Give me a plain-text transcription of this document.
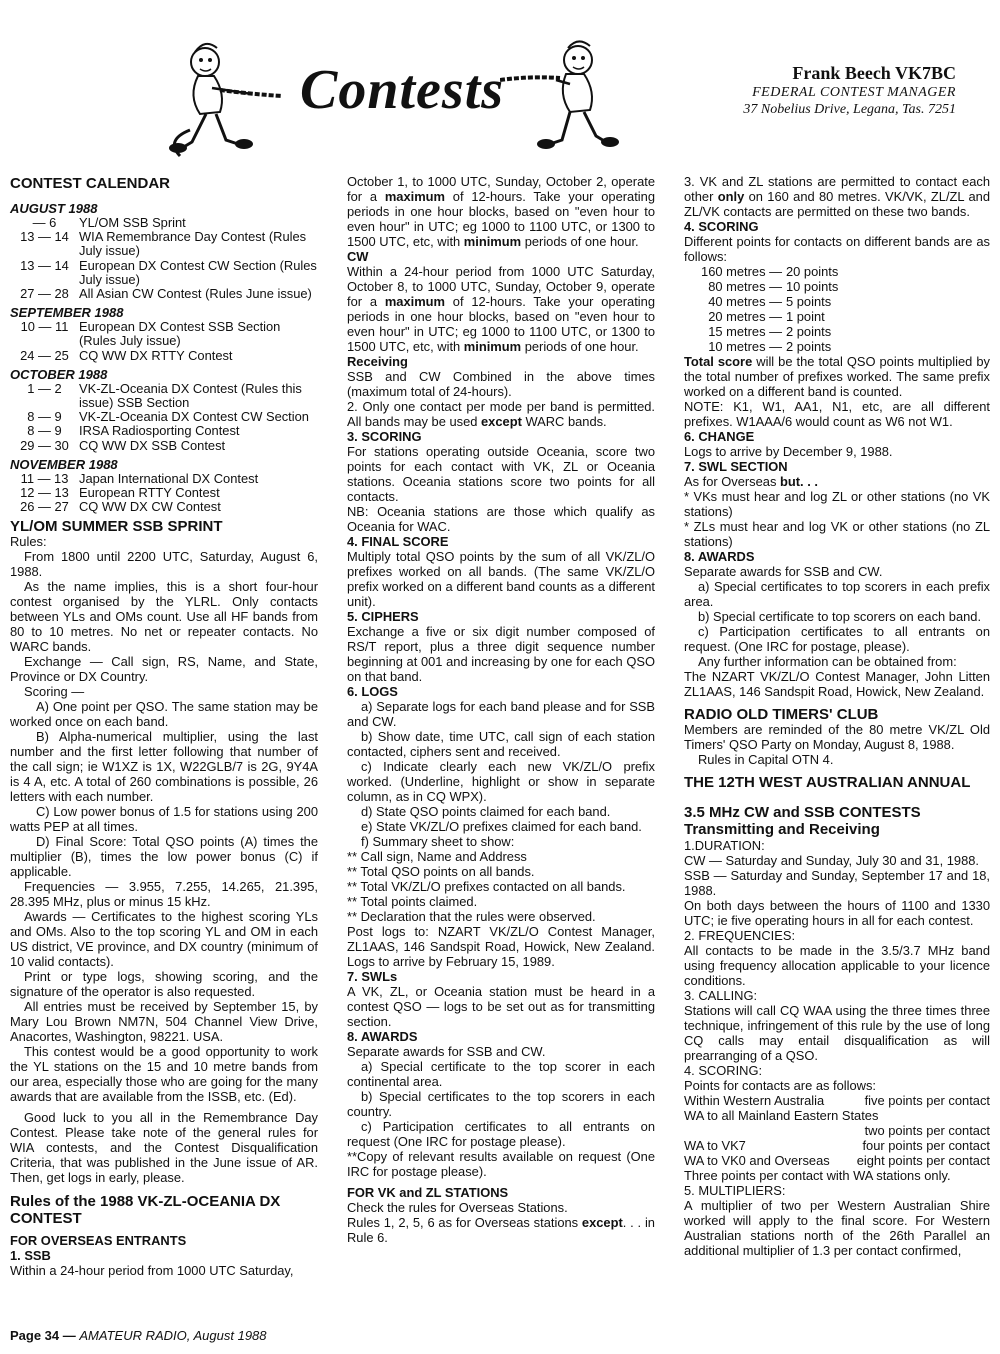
Contests	Frank Beech VK7BC
FEDERAL CONTEST MANAGER
37 Nobelius Drive, Legana, Tas. 7251
CONTEST CALENDAR
AUGUST 1988
— 6	YL/OM SSB Sprint
13 — 14 WIA Remembrance Day Contest (Rules July issue)
13 — 14 European DX Contest CW Section (Rules July issue)
27 — 28 All Asian CW Contest (Rules June issue)
SEPTEMBER 1988
10 — 11 European DX Contest SSB Section (Rules July issue)
24 — 25 CQ WW DX RTTY Contest
OCTOBER 1988
1 — 2	VK-ZL-Oceania DX Contest (Rules this issue) SSB Section
8 — 9	VK-ZL-Oceania DX Contest CW Section
8 — 9	IRSA Radiosporting Contest
29 — 30 CQ WW DX SSB Contest
NOVEMBER 1988
11 — 13 Japan International DX Contest
12 — 13 European RTTY Contest
26 — 27 CQ WW DX CW Contest
YL/OM SUMMER SSB SPRINT

Rules:

From 1800 until 2200 UTC, Saturday, August 6, 1988.

As the name implies, this is a short four-hour contest organised by the YLRL. Only contacts between YLs and OMs count. Use all HF bands from 80 to 10 metres. No net or repeater contacts. No WARC bands.

Exchange — Call sign, RS, Name, and State, Province or DX Country.

Scoring —

A) One point per QSO. The same station may be worked once on each band.

B) Alpha-numerical multiplier, using the last number and the first letter following that number of the call sign; ie W1XZ is 1X, W22GLB/7 is 2G, 9Y4A is 4 A, etc. A total of 260 combinations is possible, 26 letters with each number.

C) Low power bonus of 1.5 for stations using 200 watts PEP at all times.

D) Final Score: Total QSO points (A) times the multiplier (B), times the low power bonus (C) if applicable.

Frequencies — 3.955, 7.255, 14.265, 21.395, 28.395 MHz, plus or minus 15 kHz.

Awards — Certificates to the highest scoring YLs and OMs. Also to the top scoring YL and OM in each US district, VE province, and DX country (minimum of 10 valid contacts).

Print or type logs, showing scoring, and the signature of the operator is also requested.

All entries must be received by September 15, by Mary Lou Brown NM7N, 504 Channel View Drive, Anacortes, Washington, 98221. USA.

This contest would be a good opportunity to work the YL stations on the 15 and 10 metre bands from our area, especially those who are going for the many awards that are available from the ISSB, etc. (Ed).

Good luck to you all in the Remembrance Day Contest. Please take note of the general rules for WIA contests, and the Contest Disqualification Criteria, that was published in the June issue of AR. Then, get logs in early, please.

Rules of the 1988 VK-ZL-OCEANIA DX CONTEST
FOR OVERSEAS ENTRANTS
1. SSB

Within a 24-hour period from 1000 UTC Saturday,

October 1, to 1000 UTC, Sunday, October 2, operate for a maximum of 12-hours. Take your operating periods in one hour blocks, based on "even hour to even hour" in UTC; eg 1000 to 1100 UTC, or 1300 to 1500 UTC, etc, with minimum periods of one hour.

CW

Within a 24-hour period from 1000 UTC Saturday, October 8, to 1000 UTC, Sunday, October 9, operate for a maximum of 12-hours. Take your operating periods in one hour blocks, based on "even hour to even hour" in UTC; eg 1000 to 1100 UTC, or 1300 to 1500 UTC, etc, with minimum periods of one hour.

Receiving

SSB and CW Combined in the above times (maximum total of 24-hours).

2. Only one contact per mode per band is permitted. All bands may be used except WARC bands.

3. SCORING

For stations operating outside Oceania, score two points for each contact with VK, ZL or Oceania stations. Oceania stations score two points for all contacts.

NB: Oceania stations are those which qualify as Oceania for WAC.

4. FINAL SCORE

Multiply total QSO points by the sum of all VK/ZL/O prefixes worked on all bands. (The same VK/ZL/O prefix worked on a different band counts as a different unit).

5. CIPHERS

Exchange a five or six digit number composed of RS/T report, plus a three digit sequence number beginning at 001 and increasing by one for each QSO on that band.

6. LOGS

a) Separate logs for each band please and for SSB and CW.

b) Show date, time UTC, call sign of each station contacted, ciphers sent and received.

c) Indicate clearly each new VK/ZL/O prefix worked. (Underline, highlight or show in separate column, as in CQ WPX).

d) State QSO points claimed for each band.

e) State VK/ZL/O prefixes claimed for each band.

f) Summary sheet to show:

** Call sign, Name and Address

** Total QSO points on all bands.

** Total VK/ZL/O prefixes contacted on all bands.

** Total points claimed.

** Declaration that the rules were observed.

Post logs to: NZART VK/ZL/O Contest Manager, ZL1AAS, 146 Sandspit Road, Howick, New Zealand. Logs to arrive by February 15, 1989.

7. SWLs

A VK, ZL, or Oceania station must be heard in a contest QSO — logs to be set out as for transmitting section.

8. AWARDS

Separate awards for SSB and CW.

a) Special certificate to the top scorer in each continental area.

b) Special certificates to the top scorers in each country.

c) Participation certificates to all entrants on request (One IRC for postage please).

**Copy of relevant results available on request (One IRC for postage please).

FOR VK and ZL STATIONS

Check the rules for Overseas Stations.

Rules 1, 2, 5, 6 as for Overseas stations except. . . in Rule 6.

3. VK and ZL stations are permitted to contact each other only on 160 and 80 metres. VK/VK, ZL/ZL and ZL/VK contacts are permitted on these two bands.

4. SCORING

Different points for contacts on different bands are as follows:

160 metres — 20 points
80 metres — 10 points
40 metres — 5 points
20 metres — 1 point
15 metres — 2 points
10 metres — 2 points

Total score will be the total QSO points multiplied by the total number of prefixes worked. The same prefix worked on a different band is counted.

NOTE: K1, W1, AA1, N1, etc, are all different prefixes. W1AAA/6 would count as W6 not W1.

6. CHANGE

Logs to arrive by December 9, 1988.

7. SWL SECTION

As for Overseas but. . .

* VKs must hear and log ZL or other stations (no VK stations)

* ZLs must hear and log VK or other stations (no ZL stations)

8. AWARDS

Separate awards for SSB and CW.

a) Special certificates to top scorers in each prefix area.

b) Special certificate to top scorers on each band.

c) Participation certificates to all entrants on request. (One IRC for postage, please).

Any further information can be obtained from:

The NZART VK/ZL/O Contest Manager, John Litten ZL1AAS, 146 Sandspit Road, Howick, New Zealand.

RADIO OLD TIMERS' CLUB

Members are reminded of the 80 metre VK/ZL Old Timers' QSO Party on Monday, August 8, 1988.

Rules in Capital OTN 4.

THE 12TH WEST AUSTRALIAN ANNUAL
3.5 MHz CW and SSB CONTESTS
Transmitting and Receiving

1.DURATION:

CW — Saturday and Sunday, July 30 and 31, 1988.

SSB — Saturday and Sunday, September 17 and 18, 1988.

On both days between the hours of 1100 and 1330 UTC; ie five operating hours in all for each contest.

2. FREQUENCIES:

All contacts to be made in the 3.5/3.7 MHz band using frequency allocation applicable to your licence conditions.

3. CALLING:

Stations will call CQ WAA using the three times three technique, infringement of this rule by the use of long CQ calls may entail disqualification as will prearranging of a QSO.

4. SCORING:

Points for contacts are as follows:

Within Western Australia	five points per contact
WA to all Mainland Eastern States
two points per contact
WA to VK7	four points per contact
WA to VK0 and Overseas eight points per contact

Three points per contact with WA stations only.

5. MULTIPLIERS:

A multiplier of two per Western Australian Shire worked will apply to the final score. For Western Australian stations north of the 26th Parallel an additional multiplier of 1.3 per contact confirmed,

Page 34 — AMATEUR RADIO, August 1988
